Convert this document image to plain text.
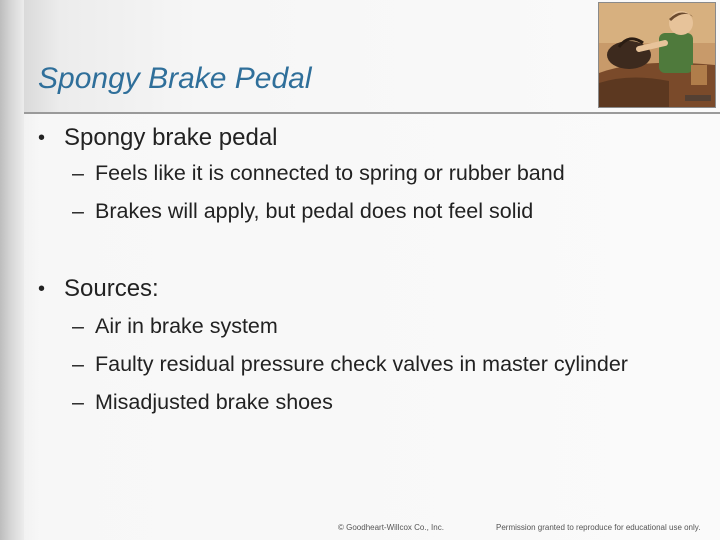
Spongy Brake Pedal

• Spongy brake pedal

– Feels like it is connected to spring or rubber band

– Brakes will apply, but pedal does not feel solid

• Sources:

– Air in brake system

– Faulty residual pressure check valves in master cylinder

– Misadjusted brake shoes

© Goodheart-Willcox Co., Inc.	Permission granted to reproduce for educational use only.
